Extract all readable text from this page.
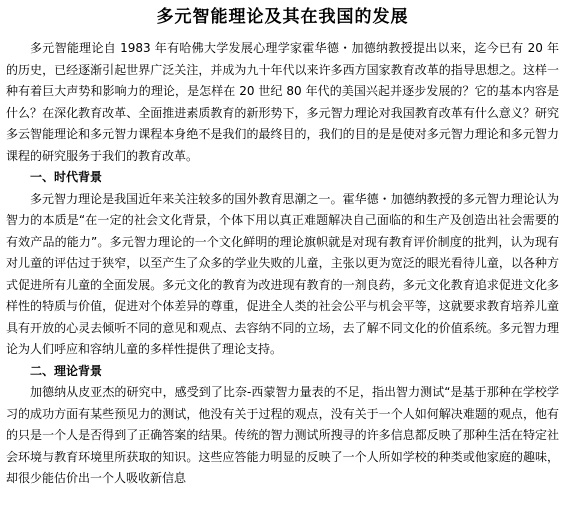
多元智能理论及其在我国的发展

多元智能理论自 1983 年有哈佛大学发展心理学家霍华德・加德纳教授提出以来，迄今已有 20 年的历史，已经逐渐引起世界广泛关注，并成为九十年代以来许多西方国家教育改革的指导思想之。这样一种有着巨大声势和影响力的理论，是怎样在 20 世纪 80 年代的美国兴起并逐步发展的？它的基本内容是什么？在深化教育改革、全面推进素质教育的新形势下，多元智力理论对我国教育改革有什么意义？研究多云智能理论和多元智力课程本身绝不是我们的最终目的，我们的目的是是使对多元智力理论和多元智力课程的研究服务于我们的教育改革。

一、时代背景

多元智力理论是我国近年来关注较多的国外教育思潮之一。霍华德・加德纳教授的多元智力理论认为智力的本质是“在一定的社会文化背景，个体下用以真正难题解决自己面临的和生产及创造出社会需要的有效产品的能力”。多元智力理论的一个文化鲜明的理论旗帜就是对现有教育评价制度的批判，认为现有对儿童的评估过于狭窄，以至产生了众多的学业失败的儿童，主张以更为宽泛的眼光看待儿童，以各种方式促进所有儿童的全面发展。多元文化的教育为改进现有教育的一剂良药，多元文化教育追求促进文化多样性的特质与价值，促进对个体差异的尊重，促进全人类的社会公平与机会平等，这就要求教育培养儿童具有开放的心灵去倾听不同的意见和观点、去容纳不同的立场，去了解不同文化的价值系统。多元智力理论为人们呼应和容纳儿童的多样性提供了理论支持。

二、理论背景

加德纳从皮亚杰的研究中，感受到了比奈-西蒙智力量表的不足，指出智力测试“是基于那种在学校学习的成功方面有某些预见力的测试，他没有关于过程的观点，没有关于一个人如何解决难题的观点，他有的只是一个人是否得到了正确答案的结果。传统的智力测试所搜寻的许多信息都反映了那种生活在特定社会环境与教育环境里所获取的知识。这些应答能力明显的反映了一个人所如学校的种类或他家庭的趣味，却很少能估价出一个人吸收新信息
